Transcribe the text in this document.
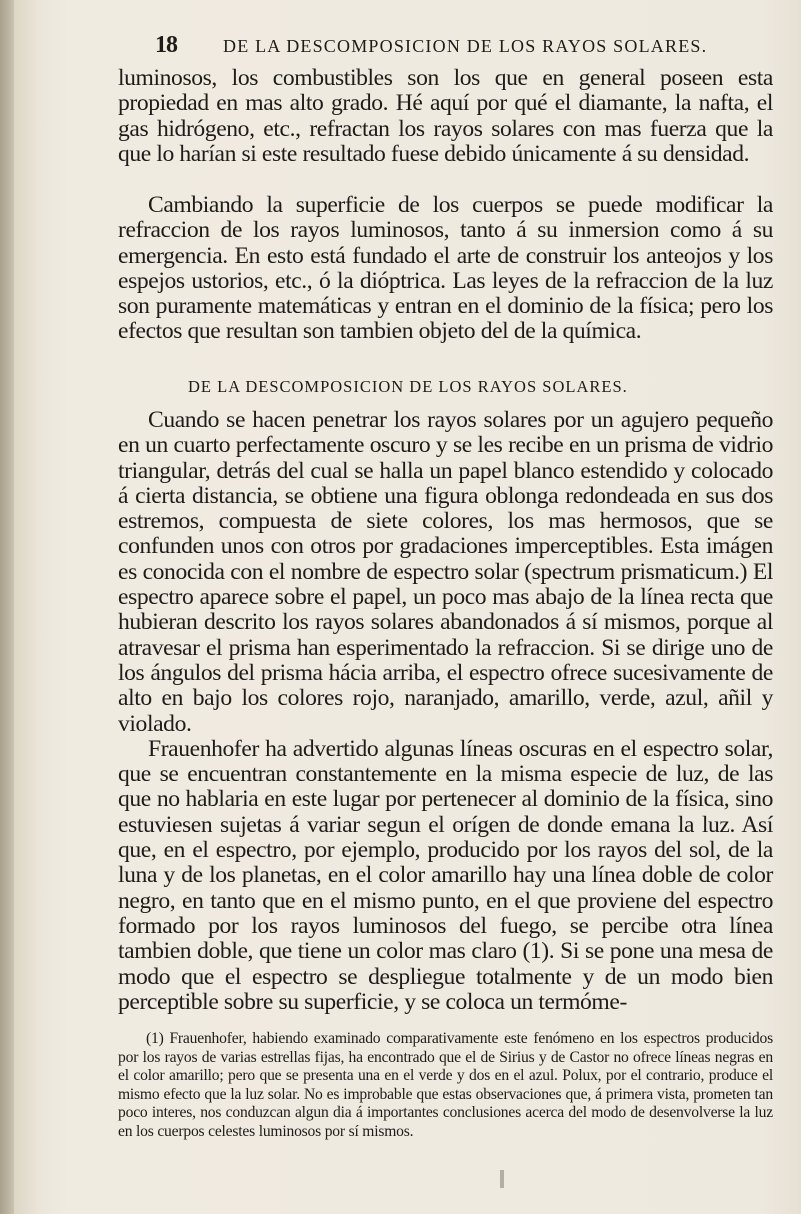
18	DE LA DESCOMPOSICION DE LOS RAYOS SOLARES.

luminosos, los combustibles son los que en general poseen esta propiedad en mas alto grado. Hé aquí por qué el diamante, la nafta, el gas hidrógeno, etc., refractan los rayos solares con mas fuerza que la que lo harían si este resultado fuese debido únicamente á su densidad.

Cambiando la superficie de los cuerpos se puede modificar la refraccion de los rayos luminosos, tanto á su inmersion como á su emergencia. En esto está fundado el arte de construir los anteojos y los espejos ustorios, etc., ó la dióptrica. Las leyes de la refraccion de la luz son puramente matemáticas y entran en el dominio de la física; pero los efectos que resultan son tambien objeto del de la química.

DE LA DESCOMPOSICION DE LOS RAYOS SOLARES.

Cuando se hacen penetrar los rayos solares por un agujero pequeño en un cuarto perfectamente oscuro y se les recibe en un prisma de vidrio triangular, detrás del cual se halla un papel blanco estendido y colocado á cierta distancia, se obtiene una figura oblonga redondeada en sus dos estremos, compuesta de siete colores, los mas hermosos, que se confunden unos con otros por gradaciones imperceptibles. Esta imágen es conocida con el nombre de espectro solar (spectrum prismaticum.) El espectro aparece sobre el papel, un poco mas abajo de la línea recta que hubieran descrito los rayos solares abandonados á sí mismos, porque al atravesar el prisma han esperimentado la refraccion. Si se dirige uno de los ángulos del prisma hácia arriba, el espectro ofrece sucesivamente de alto en bajo los colores rojo, naranjado, amarillo, verde, azul, añil y violado.

Frauenhofer ha advertido algunas líneas oscuras en el espectro solar, que se encuentran constantemente en la misma especie de luz, de las que no hablaria en este lugar por pertenecer al dominio de la física, sino estuviesen sujetas á variar segun el orígen de donde emana la luz. Así que, en el espectro, por ejemplo, producido por los rayos del sol, de la luna y de los planetas, en el color amarillo hay una línea doble de color negro, en tanto que en el mismo punto, en el que proviene del espectro formado por los rayos luminosos del fuego, se percibe otra línea tambien doble, que tiene un color mas claro (1). Si se pone una mesa de modo que el espectro se despliegue totalmente y de un modo bien perceptible sobre su superficie, y se coloca un termóme-

(1) Frauenhofer, habiendo examinado comparativamente este fenómeno en los espectros producidos por los rayos de varias estrellas fijas, ha encontrado que el de Sirius y de Castor no ofrece líneas negras en el color amarillo; pero que se presenta una en el verde y dos en el azul. Polux, por el contrario, produce el mismo efecto que la luz solar. No es improbable que estas observaciones que, á primera vista, prometen tan poco interes, nos conduzcan algun dia á importantes conclusiones acerca del modo de desenvolverse la luz en los cuerpos celestes luminosos por sí mismos.
